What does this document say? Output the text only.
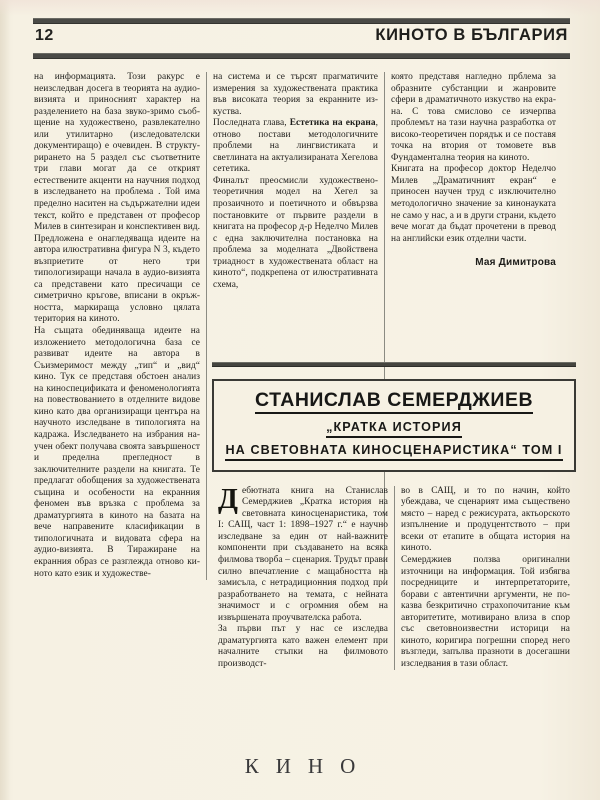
12	КИНОТО В БЪЛГАРИЯ

на информацията. Този ракурс е неизследван досега в теорията на аудио-визията и приносният характер на разделението на база звуко-зримо съобщение на художествено, развлекателно или утилитарно (изследователски документиращо) е очевиден. В структурирането на 5 раздел със съответните три глави могат да се открият естествените акценти на научния подход в изследването на проблема . Той има пределно наситен на съдържателни идеи текст, който е представен от професор Милев в синтезиран и конспективен вид. Предложена е онагледяваща идеите на автора илюстративна фигура N 3, където възприетите от него три типологизиращи начала в аудио-визията са представени като пресичащи се симетрично кръгове, вписани в окръжността, маркираща условно цялата територия на киното.

На същата обединяваща идеите на изложението методологична база се развиват идеите на автора в Съизмеримост между „тип“ и „вид“ кино. Тук се представя обстоен анализ на киноспецификата и феноменологията на повествованието в отделните видове кино като два организиращи центъра на научното изследване в типологията на кадража. Изследването на избрания научен обект получава своята завършеност и пределна прегледност в заключителните раздели на книгата. Те предлагат обобщения за художествената същина и особености на екранния феномен във връзка с проблема за драматургията в киното на базата на вече направените класификации в типологичната и видовата сфера на аудио-визията. В Тиражиране на екранния образ се разглежда отново киното като език и художестве-

на система и се търсят прагматичите измерения за художествената практика във високата теория за екранните изкуства.

Последната глава, Естетика на екрана, отново постави методологичните проблеми на лингвистиката и светлината на актуализираната Хегелова сететика.

Финалът преосмисли художествено-теоретичния модел на Хегел за прозаичното и поетичното и обвързва постановките от първите раздели в книгата на професор д-р Неделчо Милев с една заключителна постановка на проблема за моделната „Двойствена триадност в художествената област на киното“, подкрепена от илюстративната схема,

която представя нагледно прблема за образните субстанции и жанровите сфери в драматичното изкуство на екрана. С това смислово се изчерпва проблемът на тази научна разработка от високо-теоретичен порядък и се поставя точка на втория от томовете във Фундаментална теория на киното.

Книгата на професор доктор Неделчо Милев „Драматичният екран“ е приносен научен труд с изключително методологично значение за кинонауката не само у нас, а и в други страни, където вече могат да бъдат прочетени в превод на английски език отделни части.

Мая Димитрова
СТАНИСЛАВ СЕМЕРДЖИЕВ
„КРАТКА ИСТОРИЯ
НА СВЕТОВНАТА КИНОСЦЕНАРИСТИКА“ ТОМ I

Дебютната книга на Станислав Семерджиев „Кратка история на световната киносценаристика, том I: САЩ, част 1: 1898–1927 г.“ е научно изследване за един от най-важните компоненти при създаването на всяка филмова творба – сценария. Трудът прави силно впечатление с мащабността на замисъла, с нетрадиционния подход при разработването на темата, с нейната значимост и с огромния обем на извършената проучвателска работа.

За първи път у нас се изследва драматургията като важен елемент при началните стъпки на филмовото производст-

во в САЩ, и то по начин, който убеждава, че сценарият има съществено място – наред с режисурата, актьорското изпълнение и продуцентството – при всеки от етапите в общата история на киното.

Семерджиев ползва оригинални източници на информация. Той избягва посредниците и интерпретаторите, борави с автентични аргументи, не показва безкритично страхопочитание към авторитетите, мотивирано влиза в спор със световноизвестни историци на киното, коригира погрешни според него възгледи, запълва празноти в досегашни изследвания в тази област.

КИНО
